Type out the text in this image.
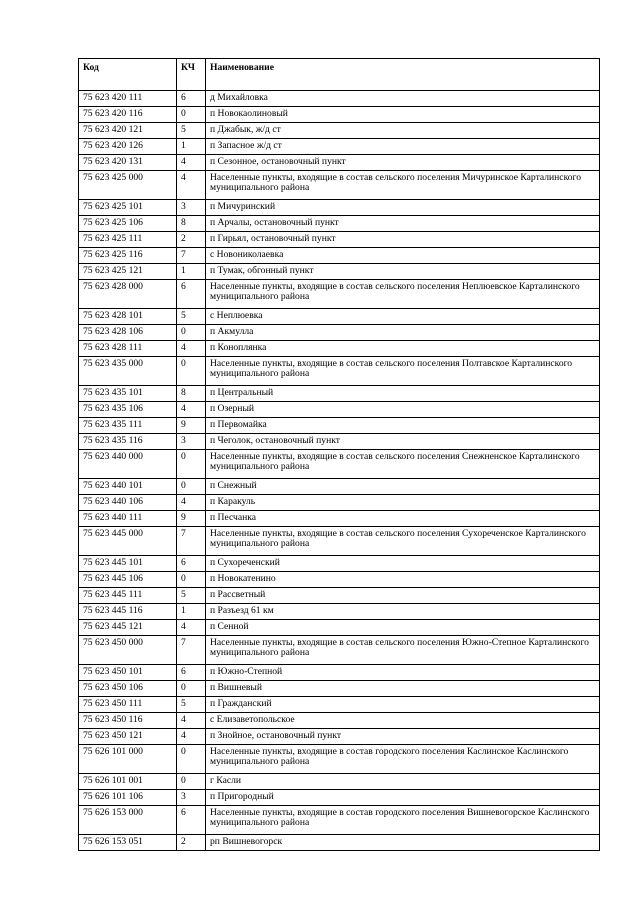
Код	КЧ	Наименование
75 623 420 111	6	д Михайловка
75 623 420 116	0	п Новокаолиновый
75 623 420 121	5	п Джабык, ж/д ст
75 623 420 126	1	п Запасное ж/д ст
75 623 420 131	4	п Сезонное, остановочный пункт
75 623 425 000	4	Населенные пункты, входящие в состав сельского поселения Мичуринское Карталинского муниципального района
75 623 425 101	3	п Мичуринский
75 623 425 106	8	п Арчалы, остановочный пункт
75 623 425 111	2	п Гирьял, остановочный пункт
75 623 425 116	7	с Новониколаевка
75 623 425 121	1	п Тумак, обгонный пункт
75 623 428 000	6	Населенные пункты, входящие в состав сельского поселения Неплюевское Карталинского муниципального района
75 623 428 101	5	с Неплюевка
75 623 428 106	0	п Акмулла
75 623 428 111	4	п Коноплянка
75 623 435 000	0	Населенные пункты, входящие в состав сельского поселения Полтавское Карталинского муниципального района
75 623 435 101	8	п Центральный
75 623 435 106	4	п Озерный
75 623 435 111	9	п Первомайка
75 623 435 116	3	п Чеголок, остановочный пункт
75 623 440 000	0	Населенные пункты, входящие в состав сельского поселения Снежненское Карталинского муниципального района
75 623 440 101	0	п Снежный
75 623 440 106	4	п Каракуль
75 623 440 111	9	п Песчанка
75 623 445 000	7	Населенные пункты, входящие в состав сельского поселения Сухореченское Карталинского муниципального района
75 623 445 101	6	п Сухореченский
75 623 445 106	0	п Новокатенино
75 623 445 111	5	п Рассветный
75 623 445 116	1	п Разъезд 61 км
75 623 445 121	4	п Сенной
75 623 450 000	7	Населенные пункты, входящие в состав сельского поселения Южно-Степное Карталинского муниципального района
75 623 450 101	6	п Южно-Степной
75 623 450 106	0	п Вишневый
75 623 450 111	5	п Гражданский
75 623 450 116	4	с Елизаветопольское
75 623 450 121	4	п Знойное, остановочный пункт
75 626 101 000	0	Населенные пункты, входящие в состав городского поселения Каслинское Каслинского муниципального района
75 626 101 001	0	г Касли
75 626 101 106	3	п Пригородный
75 626 153 000	6	Населенные пункты, входящие в состав городского поселения Вишневогорское Каслинского муниципального района
75 626 153 051	2	рп Вишневогорск
